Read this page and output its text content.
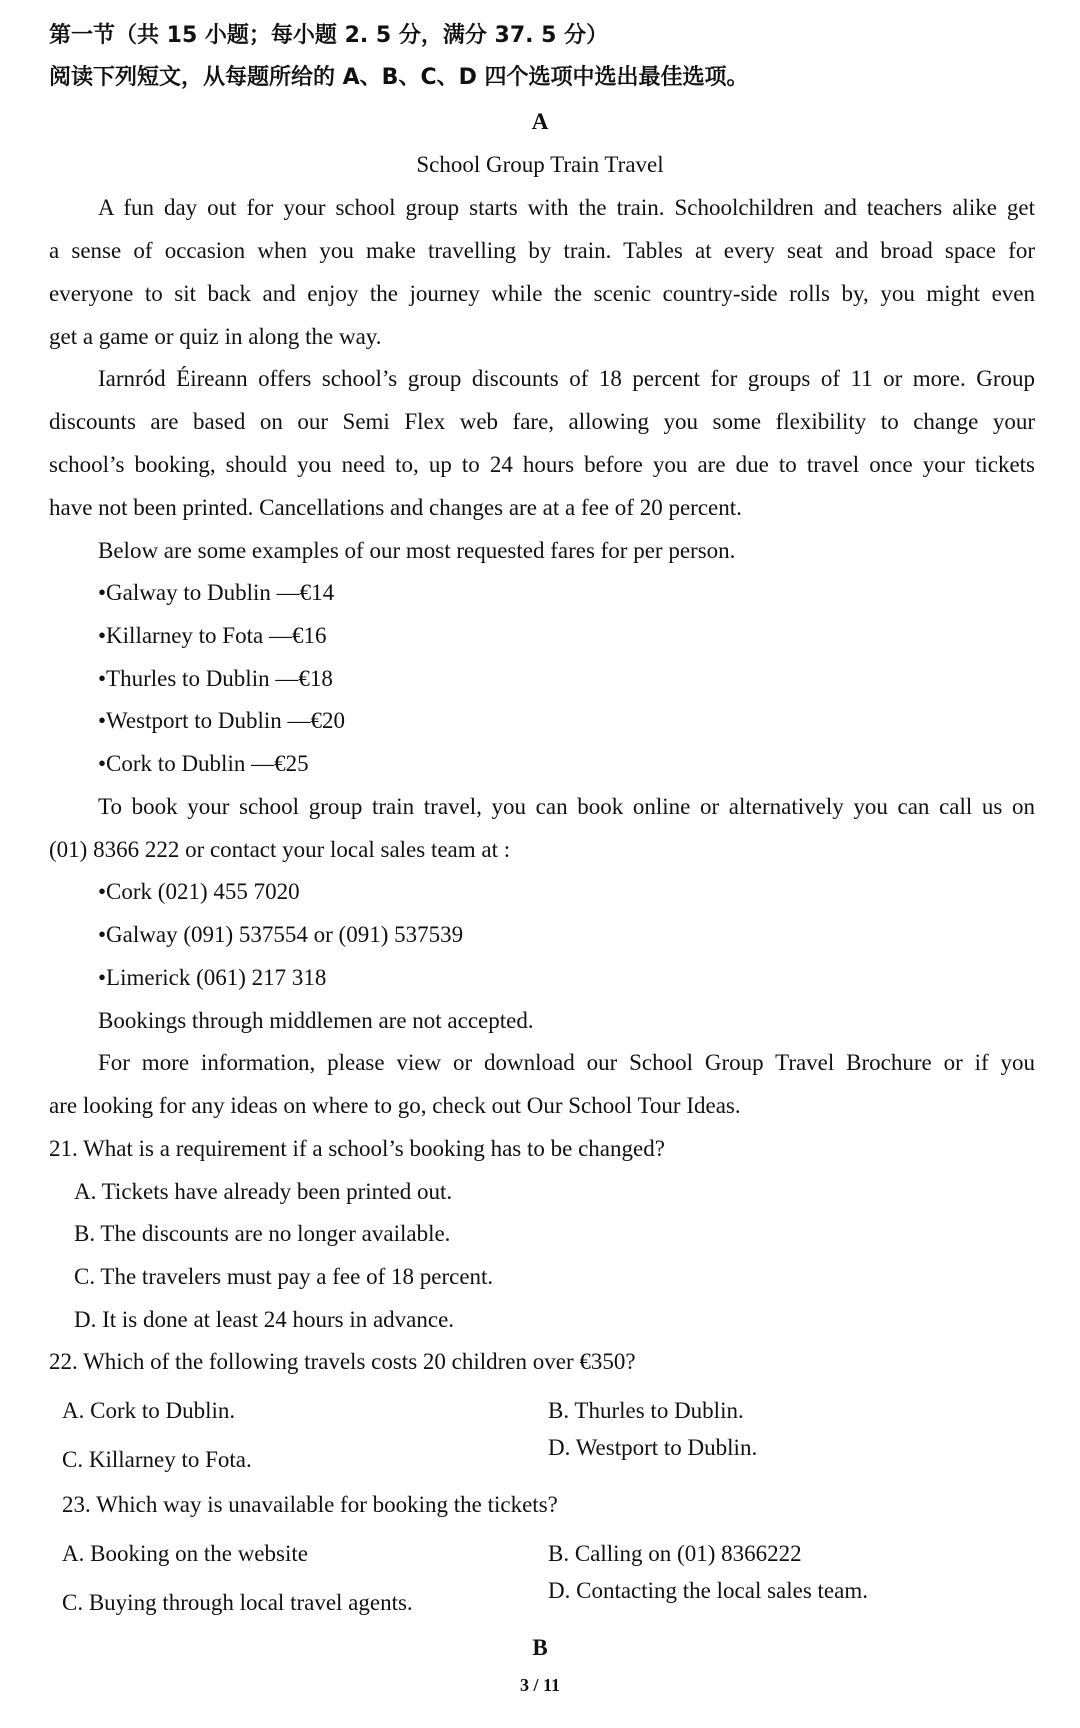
第一节（共 15 小题；每小题 2. 5 分，满分 37. 5 分）
阅读下列短文，从每题所给的 A、B、C、D 四个选项中选出最佳选项。
A
School Group Train Travel
A fun day out for your school group starts with the train. Schoolchildren and teachers alike get
a sense of occasion when you make travelling by train. Tables at every seat and broad space for
everyone to sit back and enjoy the journey while the scenic country-side rolls by, you might even
get a game or quiz in along the way.
Iarnród Éireann offers school’s group discounts of 18 percent for groups of 11 or more. Group
discounts are based on our Semi Flex web fare, allowing you some flexibility to change your
school’s booking, should you need to, up to 24 hours before you are due to travel once your tickets
have not been printed. Cancellations and changes are at a fee of 20 percent.
Below are some examples of our most requested fares for per person.
•Galway to Dublin —€14
•Killarney to Fota —€16
•Thurles to Dublin —€18
•Westport to Dublin —€20
•Cork to Dublin —€25
To book your school group train travel, you can book online or alternatively you can call us on
(01) 8366 222 or contact your local sales team at :
•Cork (021) 455 7020
•Galway (091) 537554 or (091) 537539
•Limerick (061) 217 318
Bookings through middlemen are not accepted.
For more information, please view or download our School Group Travel Brochure or if you
are looking for any ideas on where to go, check out Our School Tour Ideas.
21. What is a requirement if a school’s booking has to be changed?
A. Tickets have already been printed out.
B. The discounts are no longer available.
C. The travelers must pay a fee of 18 percent.
D. It is done at least 24 hours in advance.
22. Which of the following travels costs 20 children over €350?
A. Cork to Dublin.	B. Thurles to Dublin.
C. Killarney to Fota.	D. Westport to Dublin.
23. Which way is unavailable for booking the tickets?
A. Booking on the website	B. Calling on (01) 8366222
C. Buying through local travel agents.	D. Contacting the local sales team.
B
3 / 11
